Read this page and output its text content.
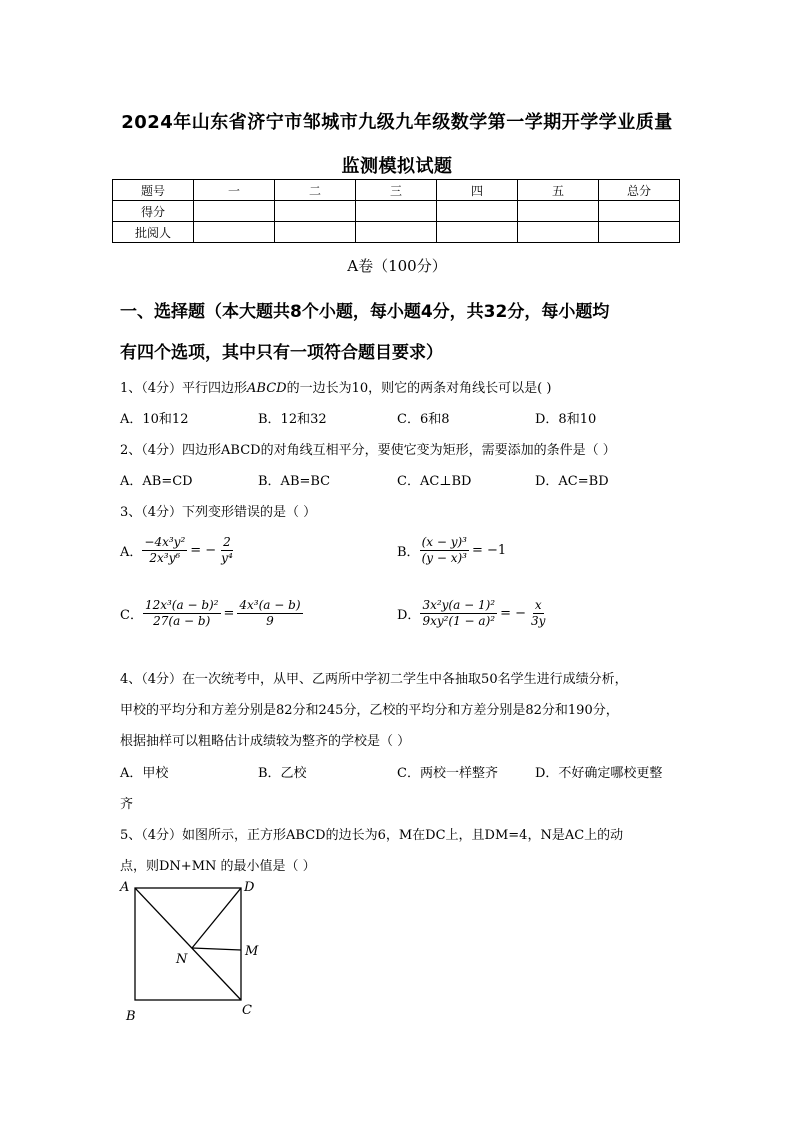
2024年山东省济宁市邹城市九级九年级数学第一学期开学学业质量
监测模拟试题
题号	一	二	三	四	五	总分
得分						
批阅人						
A卷（100分）
一、选择题（本大题共8个小题，每小题4分，共32分，每小题均
有四个选项，其中只有一项符合题目要求）
1、（4分）平行四边形ABCD的一边长为10，则它的两条对角线长可以是( )
A．10和12	B．12和32	C．6和8	D．8和10
2、（4分）四边形ABCD的对角线互相平分，要使它变为矩形，需要添加的条件是（ ）
A．AB=CD	B．AB=BC	C．AC⊥BD	D．AC=BD
3、（4分）下列变形错误的是（ ）
A． $\frac{\text{−4x³y²}}{\text{2x³y⁶}}$ = − $\frac{2}{\text{y⁴}}$	B． $\frac{\text{(x − y)³}}{\text{(y − x)³}} = -1$
C． $\frac{\text{12x³(a − b)²}}{27(a - b)} = \frac{\text{4x³(a − b)}}{9}$	D． $\frac{\text{3x²y(a − 1)²}}{\text{9xy²(1 − a)²}}$ = − $\frac{x}{3y}$
4、（4分）在一次统考中，从甲、乙两所中学初二学生中各抽取50名学生进行成绩分析，
甲校的平均分和方差分别是82分和245分，乙校的平均分和方差分别是82分和190分，
根据抽样可以粗略估计成绩较为整齐的学校是（ ）
A．甲校	B．乙校	C．两校一样整齐	D．不好确定哪校更整
齐
5、（4分）如图所示，正方形ABCD的边长为6，M在DC上，且DM=4，N是AC上的动
点，则DN+MN 的最小值是（ ）
A	D
M
N
B	C
